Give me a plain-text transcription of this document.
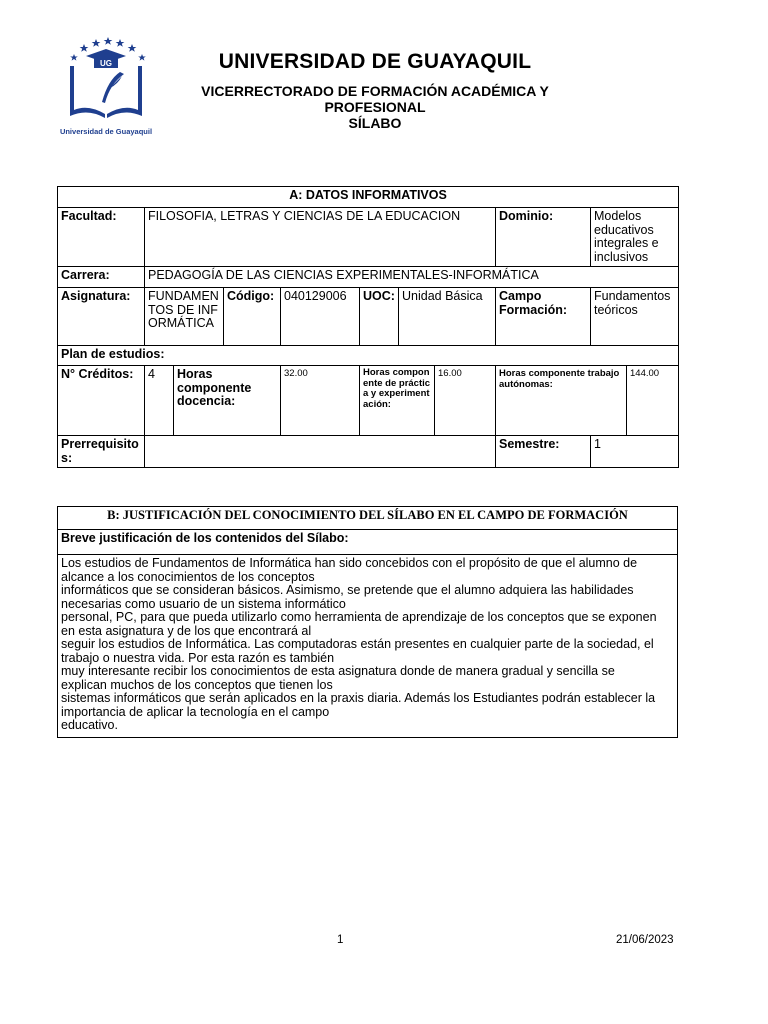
UG
Universidad de Guayaquil
UNIVERSIDAD DE GUAYAQUIL
VICERRECTORADO DE FORMACIÓN ACADÉMICA Y PROFESIONAL
SÍLABO
A: DATOS INFORMATIVOS										
Facultad:	FILOSOFIA, LETRAS Y CIENCIAS DE LA EDUCACION							Dominio:	Modelos educativos integrales e inclusivos	
Carrera:	PEDAGOGÍA DE LAS CIENCIAS EXPERIMENTALES-INFORMÁTICA									
Asignatura:	FUNDAMENTOS DE INFORMÁTICA		Código:	040129006	UOC:	Unidad Básica		Campo Formación:	Fundamentos teóricos	
Plan de estudios:										
N° Créditos:	4	Horas componente docencia:		32.00	Horas componente de práctica y experimentación:		16.00	Horas componente trabajo autónomas:		144.00
Prerrequisitos:								Semestre:	1	
B: JUSTIFICACIÓN DEL CONOCIMIENTO DEL SÍLABO EN EL CAMPO DE FORMACIÓN
Breve justificación de los contenidos del Sílabo:

Los estudios de Fundamentos de Informática han sido concebidos con el propósito de que el alumno de
alcance a los conocimientos de los conceptos
informáticos que se consideran básicos. Asimismo, se pretende que el alumno adquiera las habilidades
necesarias como usuario de un sistema informático
personal, PC, para que pueda utilizarlo como herramienta de aprendizaje de los conceptos que se exponen
en esta asignatura y de los que encontrará al
seguir los estudios de Informática. Las computadoras están presentes en cualquier parte de la sociedad, el
trabajo o nuestra vida. Por esta razón es también
muy interesante recibir los conocimientos de esta asignatura donde de manera gradual y sencilla se
explican muchos de los conceptos que tienen los
sistemas informáticos que serán aplicados en la praxis diaria. Además los Estudiantes podrán establecer la
importancia de aplicar la tecnología en el campo
educativo.
1	21/06/2023
